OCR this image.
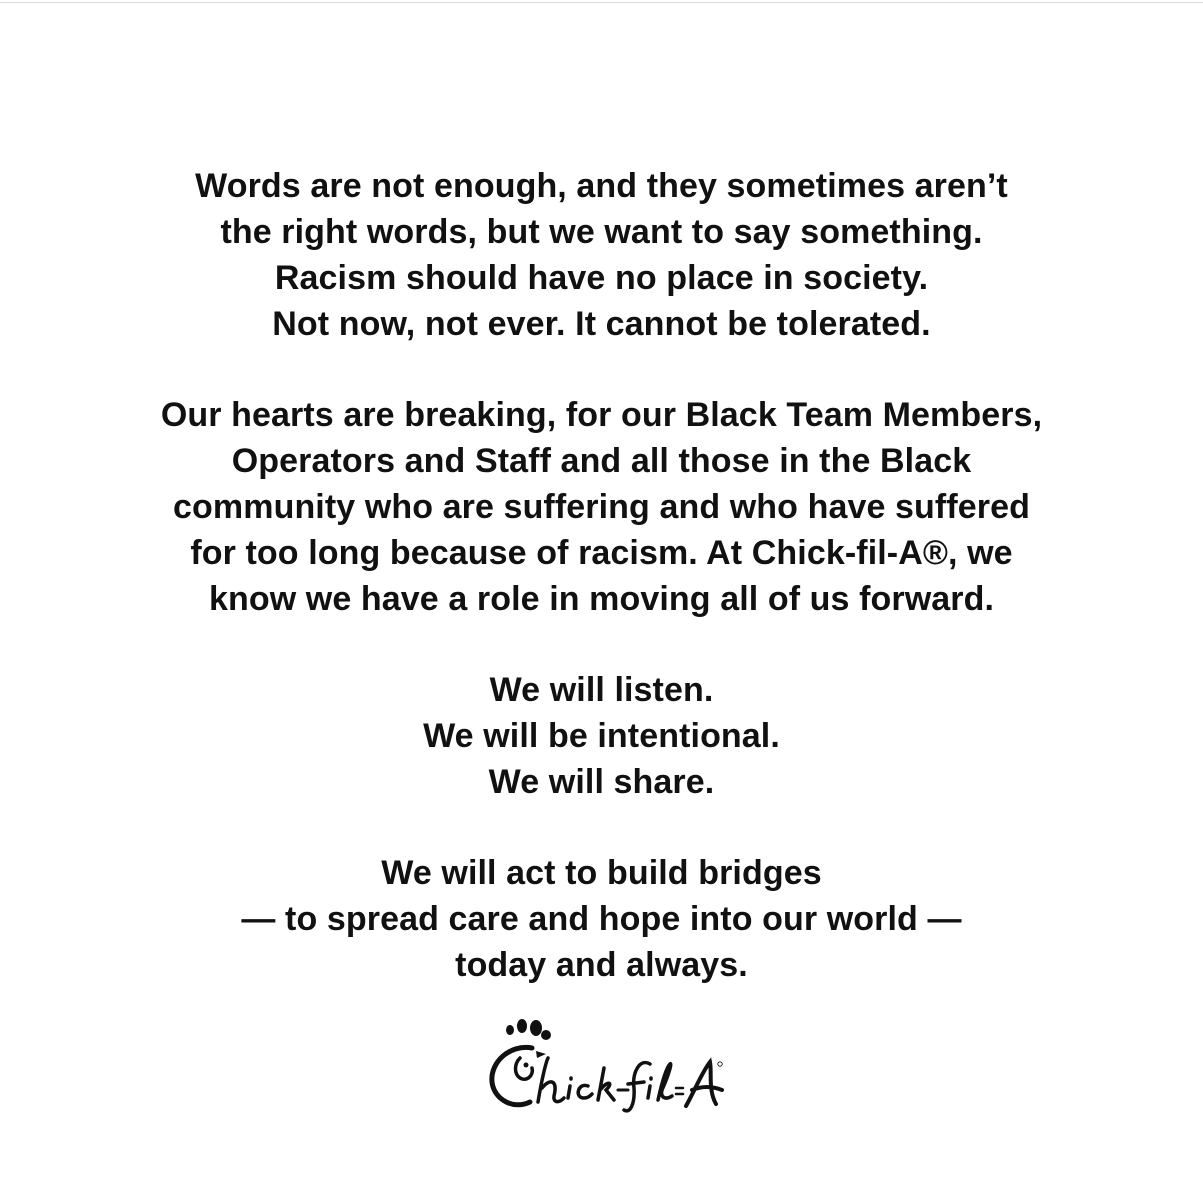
Words are not enough, and they sometimes aren’t
the right words, but we want to say something.
Racism should have no place in society.
Not now, not ever. It cannot be tolerated.
Our hearts are breaking, for our Black Team Members,
Operators and Staff and all those in the Black
community who are suffering and who have suffered
for too long because of racism. At Chick-fil-A®, we
know we have a role in moving all of us forward.
We will listen.
We will be intentional.
We will share.
We will act to build bridges
— to spread care and hope into our world —
today and always.
